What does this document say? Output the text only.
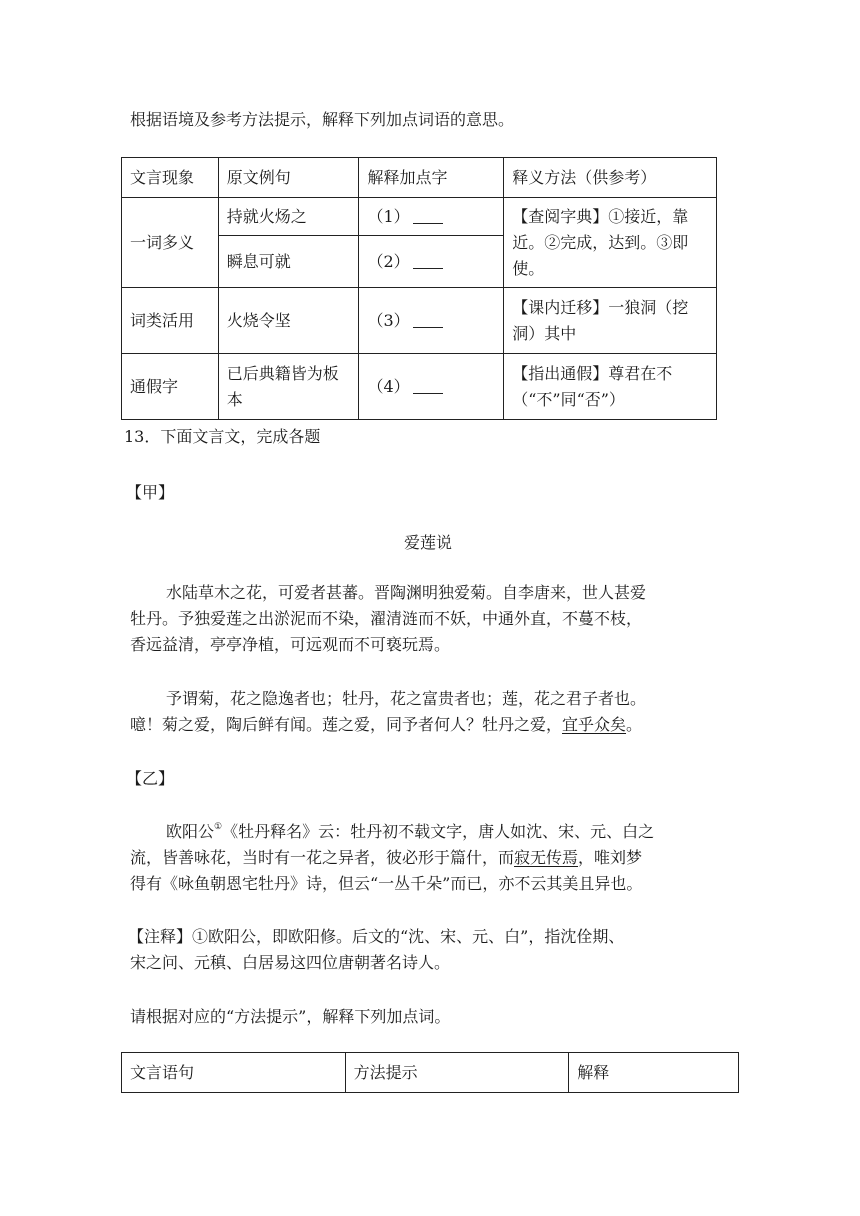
根据语境及参考方法提示，解释下列加点词语的意思。
文言现象	原文例句	解释加点字	释义方法（供参考）
一词多义	持就火炀之	（1）	【查阅字典】①接近，靠近。②完成，达到。③即使。
	瞬息可就	（2）	
词类活用	火烧令坚	（3）	【课内迁移】一狼洞（挖洞）其中
通假字	已后典籍皆为板本	（4）	【指出通假】尊君在不（“不”同“否”）
13．下面文言文，完成各题
【甲】
爱莲说
水陆草木之花，可爱者甚蕃。晋陶渊明独爱菊。自李唐来，世人甚爱
牡丹。予独爱莲之出淤泥而不染，濯清涟而不妖，中通外直，不蔓不枝，
香远益清，亭亭净植，可远观而不可亵玩焉。
予谓菊，花之隐逸者也；牡丹，花之富贵者也；莲，花之君子者也。
噫！菊之爱，陶后鲜有闻。莲之爱，同予者何人？牡丹之爱，宜乎众矣。
【乙】
欧阳公①《牡丹释名》云：牡丹初不载文字，唐人如沈、宋、元、白之
流，皆善咏花，当时有一花之异者，彼必形于篇什，而寂无传焉，唯刘梦
得有《咏鱼朝恩宅牡丹》诗，但云“一丛千朵”而已，亦不云其美且异也。
【注释】①欧阳公，即欧阳修。后文的“沈、宋、元、白”，指沈佺期、
宋之问、元稹、白居易这四位唐朝著名诗人。
请根据对应的“方法提示”，解释下列加点词。
文言语句	方法提示	解释
